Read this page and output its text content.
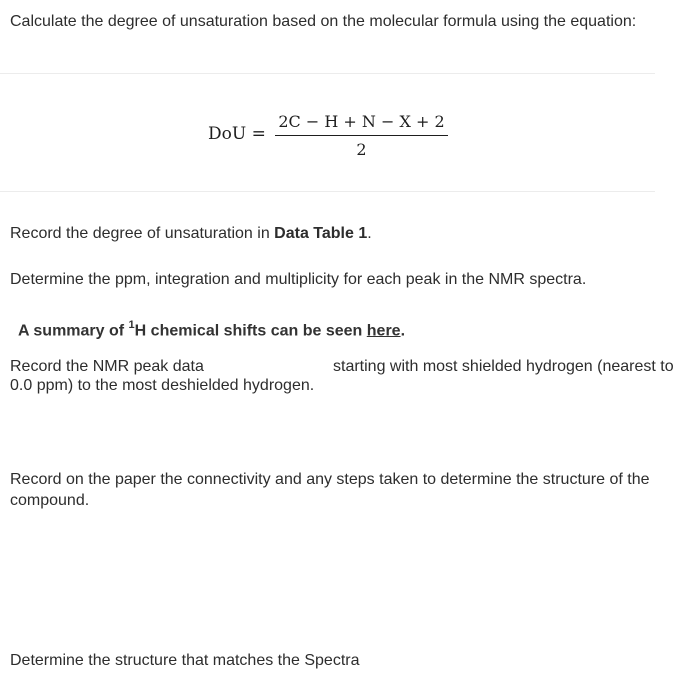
Calculate the degree of unsaturation based on the molecular formula using the equation:
DoU =
2C − H + N − X + 2
2
Record the degree of unsaturation in Data Table 1.
Determine the ppm, integration and multiplicity for each peak in the NMR spectra.
A summary of $^1$H chemical shifts can be seen here.
Record the NMR peak data	starting with most shielded hydrogen (nearest to
0.0 ppm) to the most deshielded hydrogen.
Record on the paper the connectivity and any steps taken to determine the structure of the
compound.
Determine the structure that matches the Spectra
